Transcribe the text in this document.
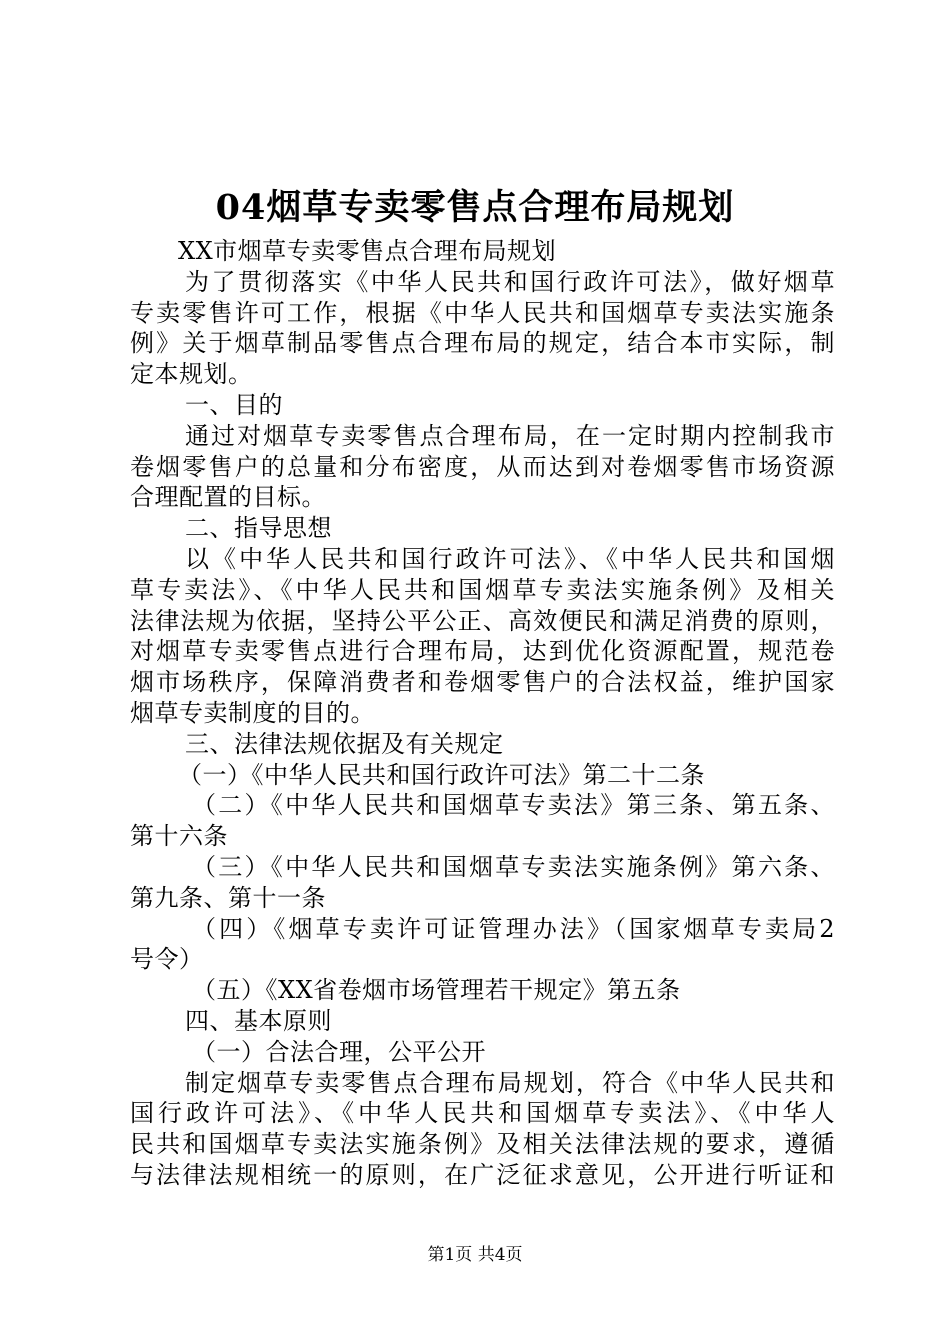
04烟草专卖零售点合理布局规划
XX市烟草专卖零售点合理布局规划
为了贯彻落实《中华人民共和国行政许可法》，做好烟草
专卖零售许可工作，根据《中华人民共和国烟草专卖法实施条
例》关于烟草制品零售点合理布局的规定，结合本市实际，制
定本规划。
一、目的
通过对烟草专卖零售点合理布局，在一定时期内控制我市
卷烟零售户的总量和分布密度，从而达到对卷烟零售市场资源
合理配置的目标。
二、指导思想
以《中华人民共和国行政许可法》、《中华人民共和国烟
草专卖法》、《中华人民共和国烟草专卖法实施条例》及相关
法律法规为依据，坚持公平公正、高效便民和满足消费的原则，
对烟草专卖零售点进行合理布局，达到优化资源配置，规范卷
烟市场秩序，保障消费者和卷烟零售户的合法权益，维护国家
烟草专卖制度的目的。
三、法律法规依据及有关规定
（一）《中华人民共和国行政许可法》第二十二条
（二）《中华人民共和国烟草专卖法》第三条、第五条、
第十六条
（三）《中华人民共和国烟草专卖法实施条例》第六条、
第九条、第十一条
（四）《烟草专卖许可证管理办法》（国家烟草专卖局2
号令）
（五）《XX省卷烟市场管理若干规定》第五条
四、基本原则
（一）合法合理，公平公开
制定烟草专卖零售点合理布局规划，符合《中华人民共和
国行政许可法》、《中华人民共和国烟草专卖法》、《中华人
民共和国烟草专卖法实施条例》及相关法律法规的要求，遵循
与法律法规相统一的原则，在广泛征求意见，公开进行听证和
第1页 共4页
